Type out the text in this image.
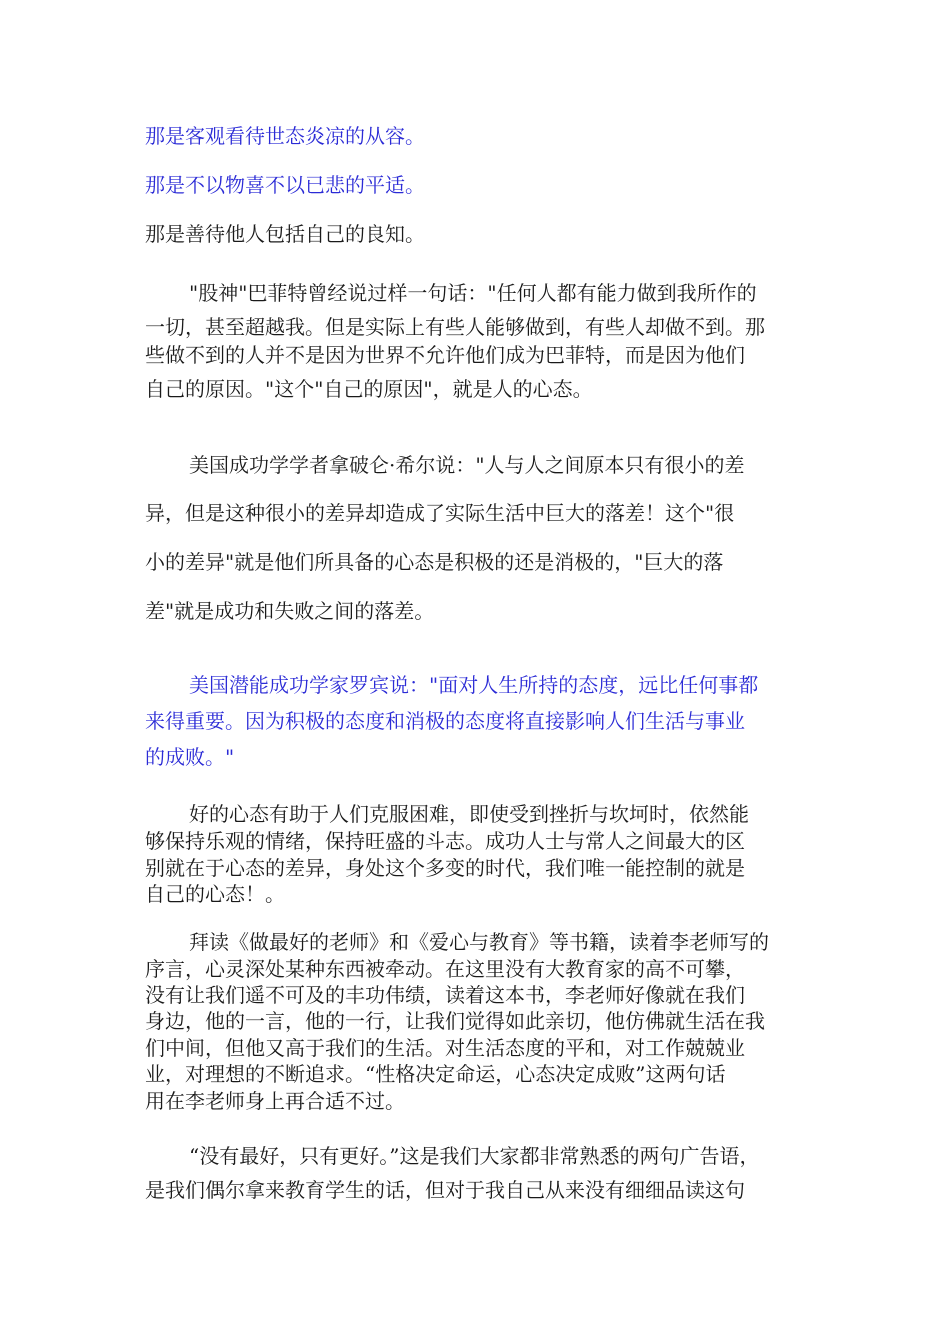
那是客观看待世态炎凉的从容。
那是不以物喜不以已悲的平适。
那是善待他人包括自己的良知。
"股神"巴菲特曾经说过样一句话："任何人都有能力做到我所作的
一切，甚至超越我。但是实际上有些人能够做到，有些人却做不到。那
些做不到的人并不是因为世界不允许他们成为巴菲特，而是因为他们
自己的原因。"这个"自己的原因"，就是人的心态。
美国成功学学者拿破仑·希尔说："人与人之间原本只有很小的差
异，但是这种很小的差异却造成了实际生活中巨大的落差！这个"很
小的差异"就是他们所具备的心态是积极的还是消极的，"巨大的落
差"就是成功和失败之间的落差。
美国潜能成功学家罗宾说："面对人生所持的态度，远比任何事都
来得重要。因为积极的态度和消极的态度将直接影响人们生活与事业
的成败。"
好的心态有助于人们克服困难，即使受到挫折与坎坷时，依然能
够保持乐观的情绪，保持旺盛的斗志。成功人士与常人之间最大的区
别就在于心态的差异，身处这个多变的时代，我们唯一能控制的就是
自己的心态！。
拜读《做最好的老师》和《爱心与教育》等书籍，读着李老师写的
序言，心灵深处某种东西被牵动。在这里没有大教育家的高不可攀，
没有让我们遥不可及的丰功伟绩，读着这本书，李老师好像就在我们
身边，他的一言，他的一行，让我们觉得如此亲切，他仿佛就生活在我
们中间，但他又高于我们的生活。对生活态度的平和，对工作兢兢业
业，对理想的不断追求。“性格决定命运，心态决定成败”这两句话
用在李老师身上再合适不过。
“没有最好，只有更好。”这是我们大家都非常熟悉的两句广告语，
是我们偶尔拿来教育学生的话，但对于我自己从来没有细细品读这句
